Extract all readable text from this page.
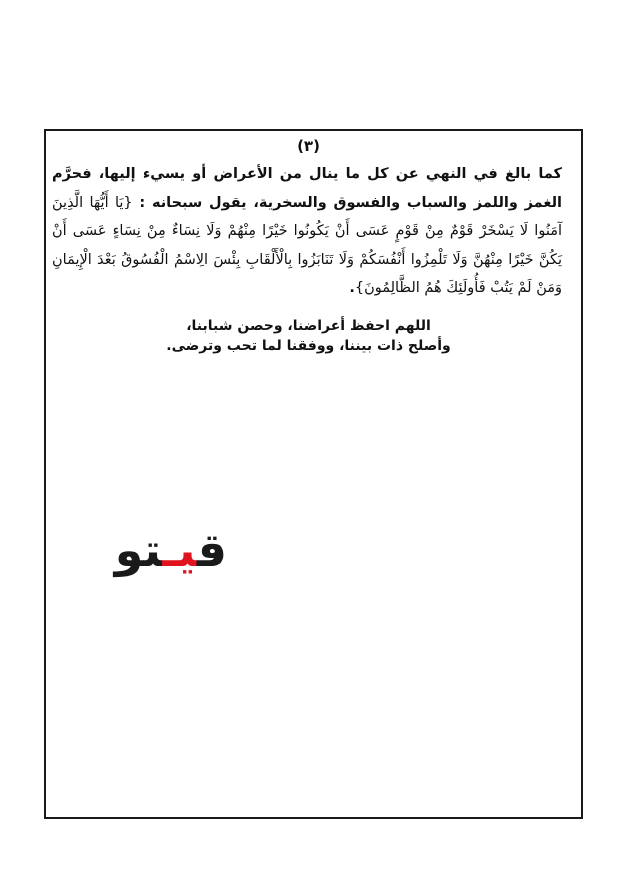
(٣)

كما بالغ في النهي عن كل ما ينال من الأعراض أو يسيء إليها، فحرَّم الغمز واللمز والسباب والفسوق والسخرية، يقول سبحانه : {يَا أَيُّهَا الَّذِينَ آمَنُوا لَا يَسْخَرْ قَوْمٌ مِنْ قَوْمٍ عَسَى أَنْ يَكُونُوا خَيْرًا مِنْهُمْ وَلَا نِسَاءٌ مِنْ نِسَاءٍ عَسَى أَنْ يَكُنَّ خَيْرًا مِنْهُنَّ وَلَا تَلْمِزُوا أَنْفُسَكُمْ وَلَا تَنَابَزُوا بِالْأَلْقَابِ بِئْسَ الِاسْمُ الْفُسُوقُ بَعْدَ الْإِيمَانِ وَمَنْ لَمْ يَتُبْ فَأُولَئِكَ هُمُ الظَّالِمُونَ}.

اللهم احفظ أعراضنا، وحصن شبابنا،
وأصلح ذات بيننا، ووفقنا لما تحب وترضى.
قيـتو
